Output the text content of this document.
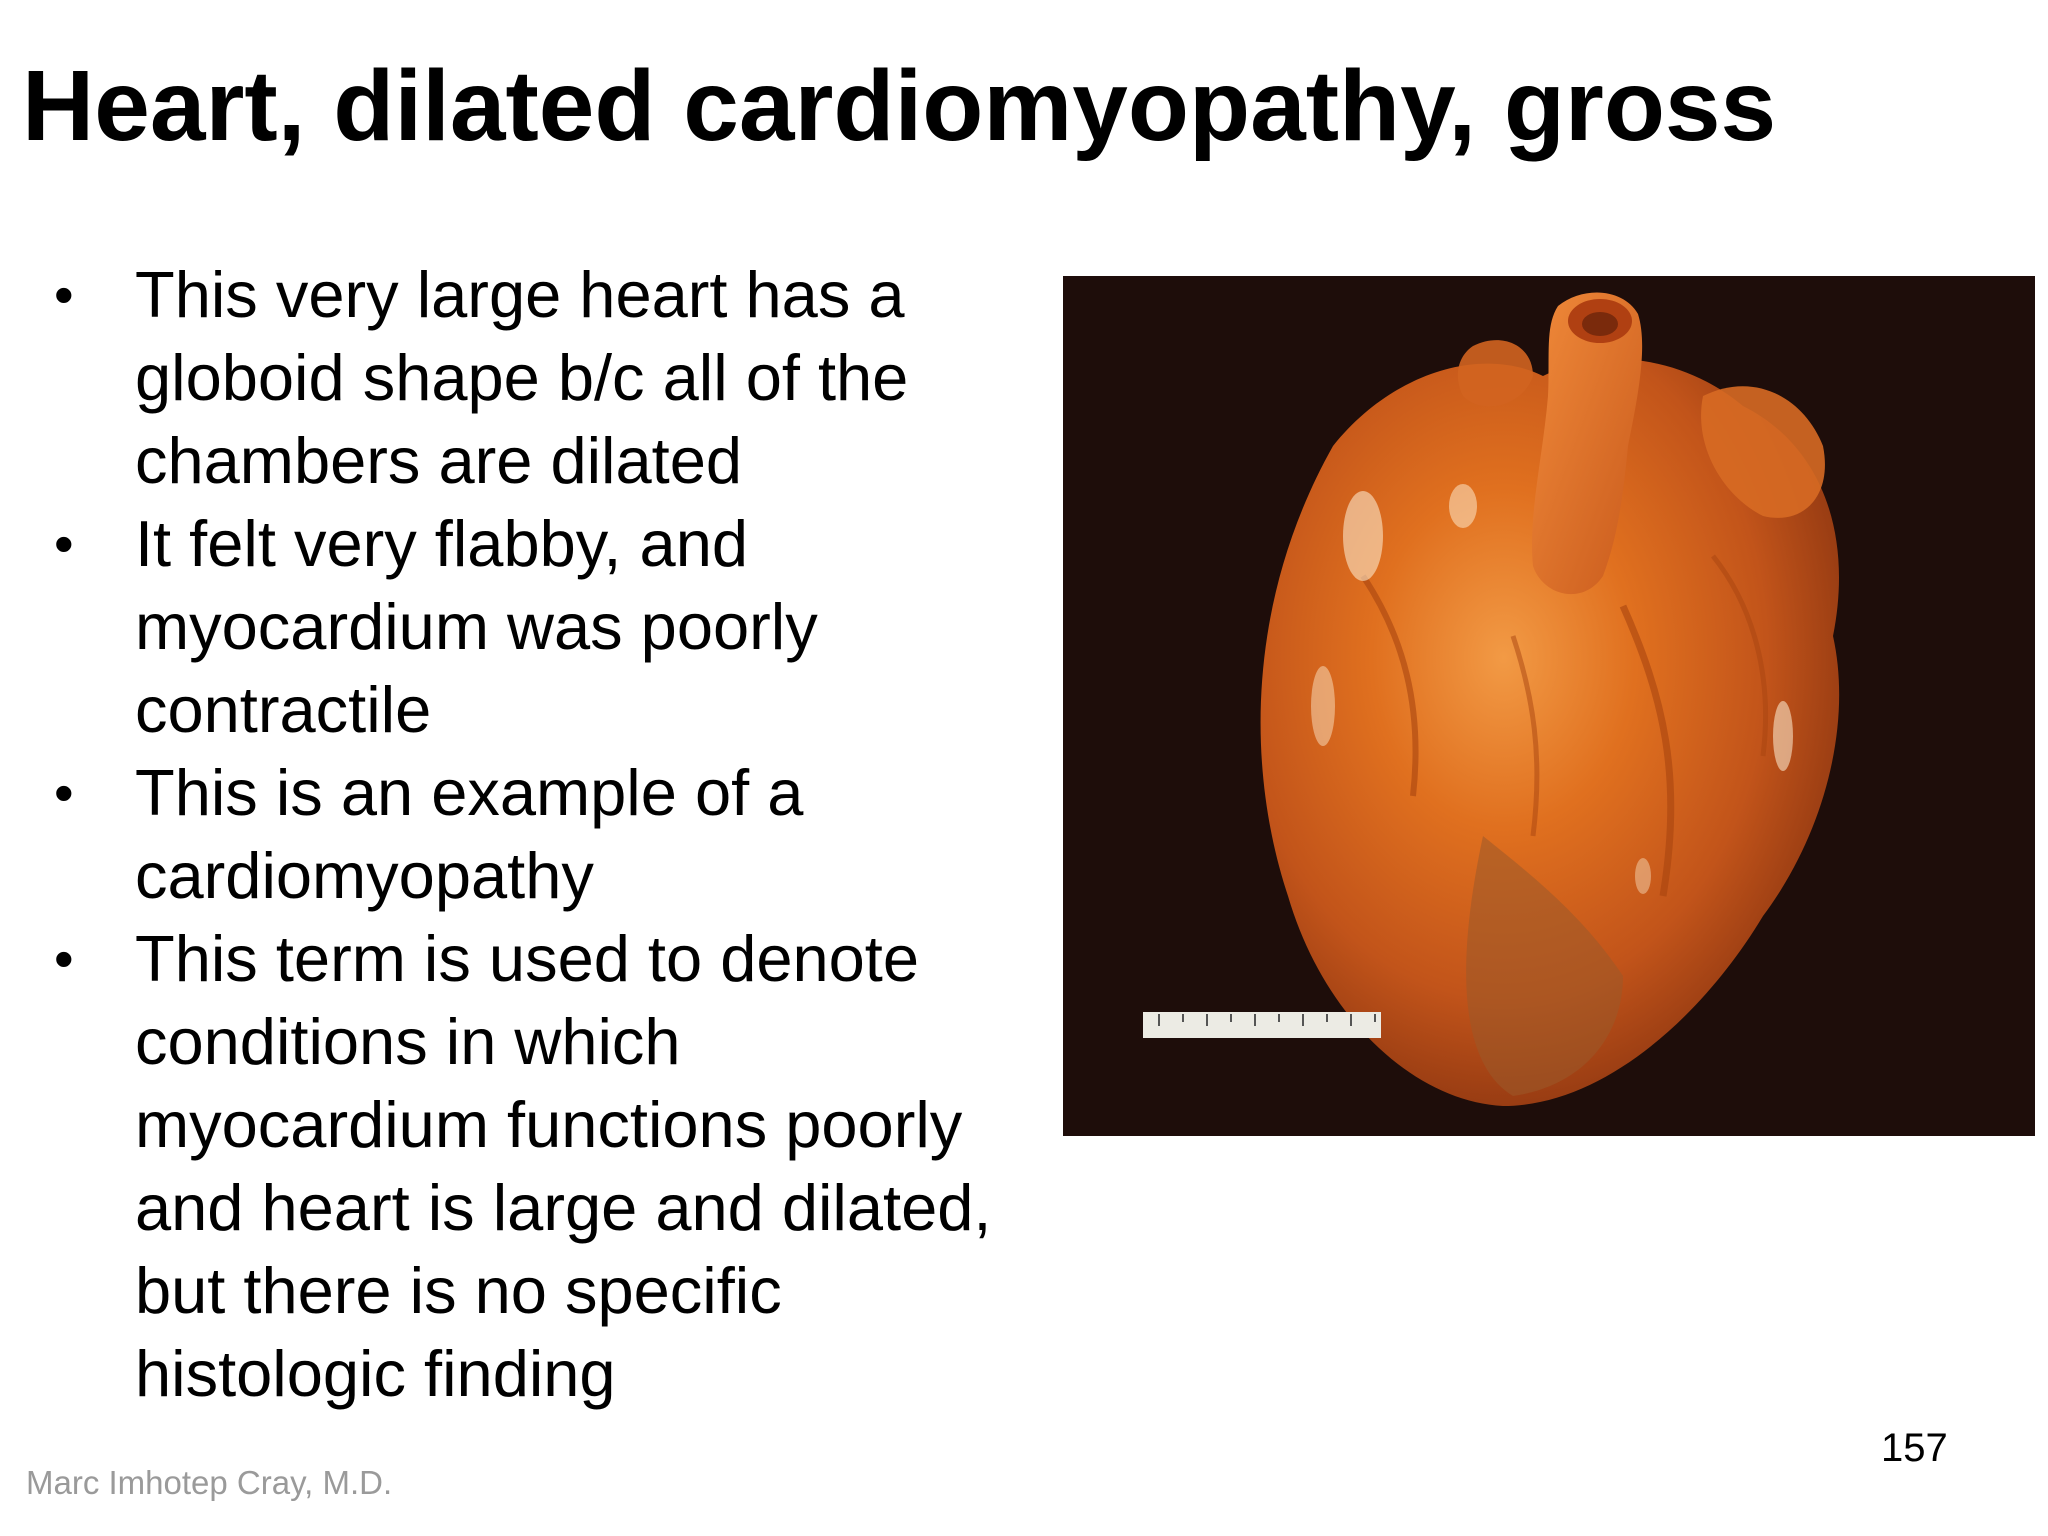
Heart, dilated cardiomyopathy, gross
• This very large heart has a
globoid shape b/c all of the
chambers are dilated
• It felt very flabby, and
myocardium was poorly
contractile
• This is an example of a
cardiomyopathy
• This term is used to denote
conditions in which
myocardium functions poorly
and heart is large and dilated,
but there is no specific
histologic finding
157
Marc Imhotep Cray, M.D.
